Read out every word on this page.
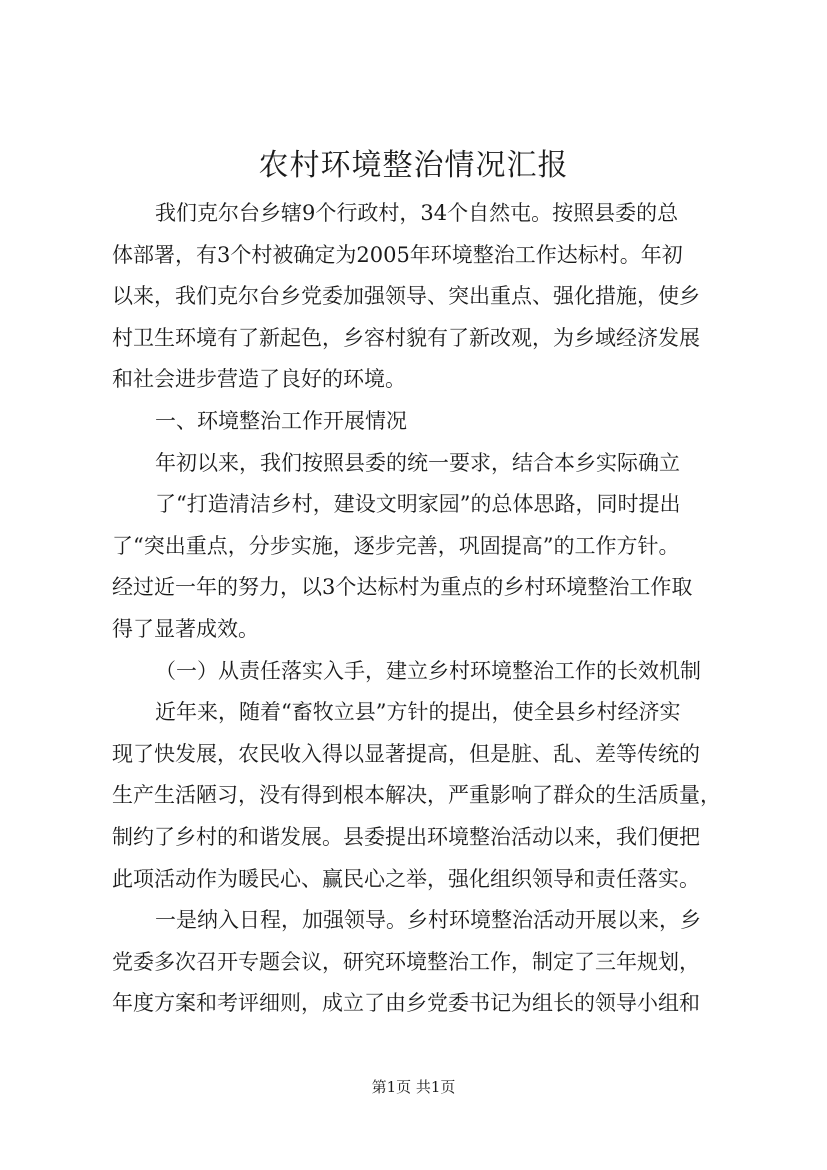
农村环境整治情况汇报
我们克尔台乡辖9个行政村，34个自然屯。按照县委的总
体部署，有3个村被确定为2005年环境整治工作达标村。年初
以来，我们克尔台乡党委加强领导、突出重点、强化措施，使乡
村卫生环境有了新起色，乡容村貌有了新改观，为乡域经济发展
和社会进步营造了良好的环境。
一、环境整治工作开展情况
年初以来，我们按照县委的统一要求，结合本乡实际确立
了“打造清洁乡村，建设文明家园”的总体思路，同时提出
了“突出重点，分步实施，逐步完善，巩固提高”的工作方针。
经过近一年的努力，以3个达标村为重点的乡村环境整治工作取
得了显著成效。
（一）从责任落实入手，建立乡村环境整治工作的长效机制
近年来，随着“畜牧立县”方针的提出，使全县乡村经济实
现了快发展，农民收入得以显著提高，但是脏、乱、差等传统的
生产生活陋习，没有得到根本解决，严重影响了群众的生活质量，
制约了乡村的和谐发展。县委提出环境整治活动以来，我们便把
此项活动作为暖民心、赢民心之举，强化组织领导和责任落实。
一是纳入日程，加强领导。乡村环境整治活动开展以来，乡
党委多次召开专题会议，研究环境整治工作，制定了三年规划，
年度方案和考评细则，成立了由乡党委书记为组长的领导小组和
第1页 共1页
